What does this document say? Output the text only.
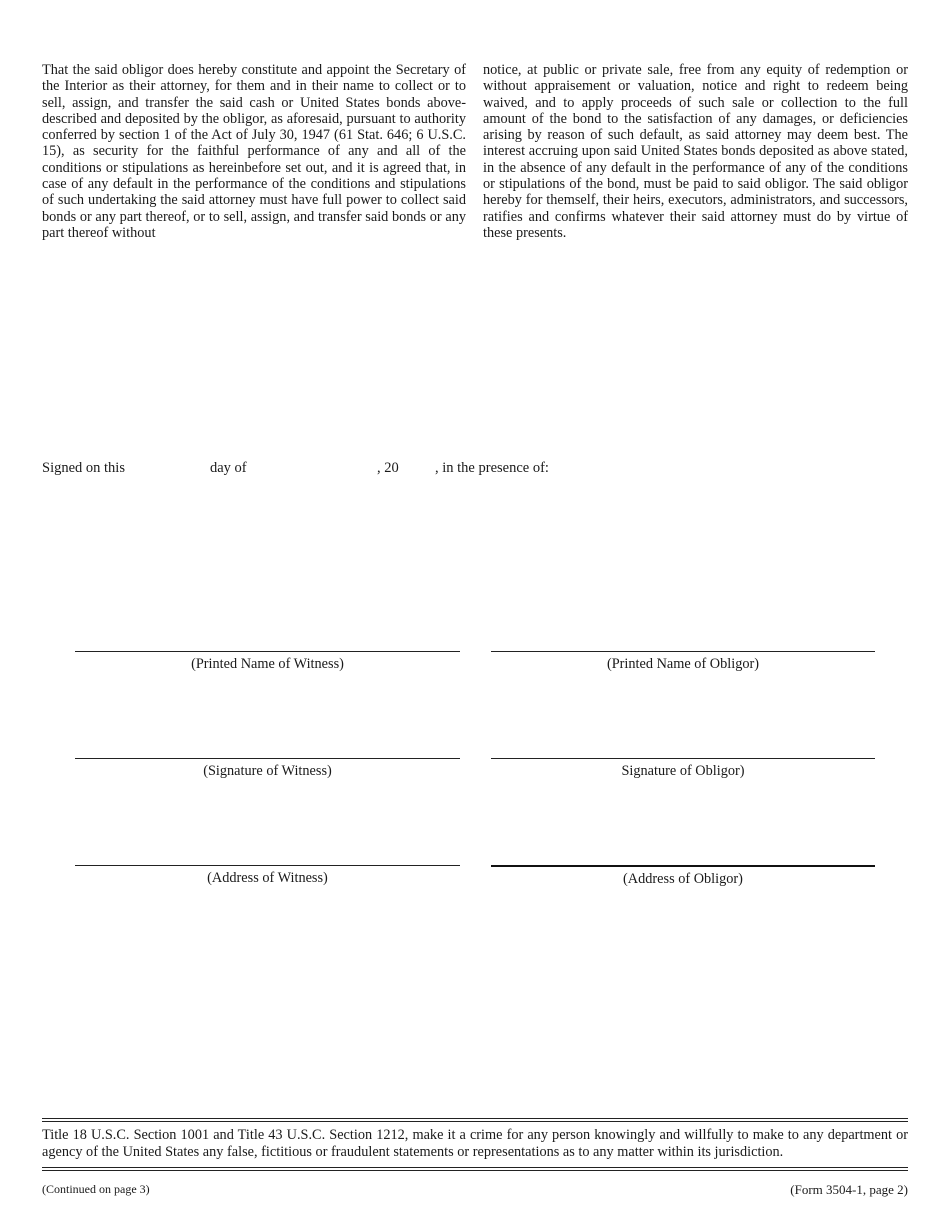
That the said obligor does hereby constitute and appoint the Secretary of the Interior as their attorney, for them and in their name to collect or to sell, assign, and transfer the said cash or United States bonds above-described and deposited by the obligor, as aforesaid, pursuant to authority conferred by section 1 of the Act of July 30, 1947 (61 Stat. 646; 6 U.S.C. 15), as security for the faithful performance of any and all of the conditions or stipulations as hereinbefore set out, and it is agreed that, in case of any default in the performance of the conditions and stipulations of such undertaking the said attorney must have full power to collect said bonds or any part thereof, or to sell, assign, and transfer said bonds or any part thereof without
notice, at public or private sale, free from any equity of redemption or without appraisement or valuation, notice and right to redeem being waived, and to apply proceeds of such sale or collection to the full amount of the bond to the satisfaction of any damages, or deficiencies arising by reason of such default, as said attorney may deem best. The interest accruing upon said United States bonds deposited as above stated, in the absence of any default in the performance of any of the conditions or stipulations of the bond, must be paid to said obligor. The said obligor hereby for themself, their heirs, executors, administrators, and successors, ratifies and confirms whatever their said attorney must do by virtue of these presents.
Signed on this	day of	, 20	, in the presence of:
(Printed Name of Witness)	(Printed Name of Obligor)
(Signature of Witness)	Signature of Obligor)
(Address of Witness)	(Address of Obligor)
Title 18 U.S.C. Section 1001 and Title 43 U.S.C. Section 1212, make it a crime for any person knowingly and willfully to make to any department or agency of the United States any false, fictitious or fraudulent statements or representations as to any matter within its jurisdiction.
(Continued on page 3)	(Form 3504-1, page 2)
